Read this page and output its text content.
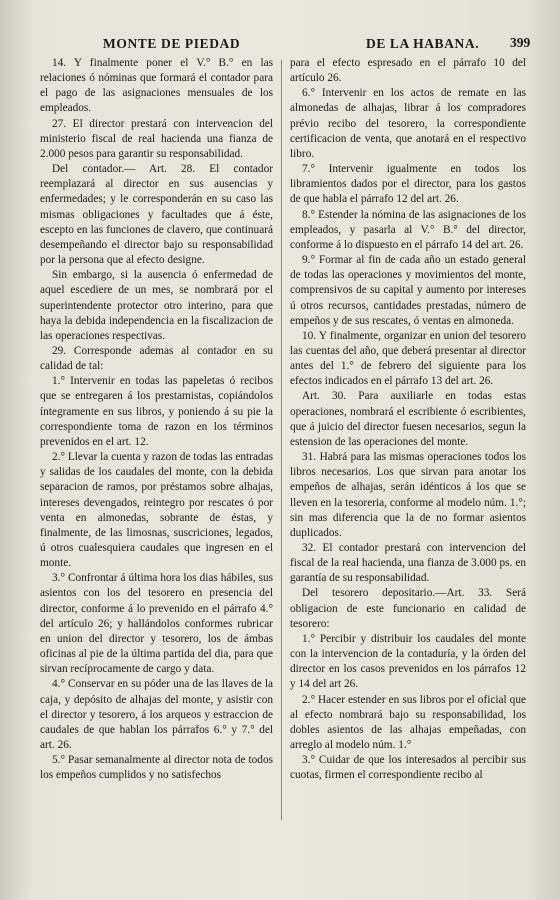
MONTE DE PIEDAD	DE LA HABANA. 399

14. Y finalmente poner el V.° B.° en las relaciones ó nóminas que formará el contador para el pago de las asignaciones mensuales de los empleados.

27. El director prestará con intervencion del ministerio fiscal de real hacienda una fianza de 2.000 pesos para garantir su responsabilidad.

Del contador.— Art. 28. El contador reemplazará al director en sus ausencias y enfermedades; y le corresponderán en su caso las mismas obligaciones y facultades que á éste, escepto en las funciones de clavero, que continuará desempeñando el director bajo su responsabilidad por la persona que al efecto designe.

Sin embargo, si la ausencia ó enfermedad de aquel escediere de un mes, se nombrará por el superintendente protector otro interino, para que haya la debida independencia en la fiscalizacion de las operaciones respectivas.

29. Corresponde ademas al contador en su calidad de tal:

1.° Intervenir en todas las papeletas ó recibos que se entregaren á los prestamistas, copiándolos íntegramente en sus libros, y poniendo á su pie la correspondiente toma de razon en los términos prevenidos en el art. 12.

2.° Llevar la cuenta y razon de todas las entradas y salidas de los caudales del monte, con la debida separacion de ramos, por préstamos sobre alhajas, intereses devengados, reintegro por rescates ó por venta en almonedas, sobrante de éstas, y finalmente, de las limosnas, suscriciones, legados, ú otros cualesquiera caudales que ingresen en el monte.

3.° Confrontar á última hora los dias hábiles, sus asientos con los del tesorero en presencia del director, conforme á lo prevenido en el párrafo 4.° del artículo 26; y hallándolos conformes rubricar en union del director y tesorero, los de ámbas oficinas al pie de la última partida del dia, para que sirvan recíprocamente de cargo y data.

4.° Conservar en su póder una de las llaves de la caja, y depósito de alhajas del monte, y asistir con el director y tesorero, á los arqueos y estraccion de caudales de que hablan los párrafos 6.° y 7.° del art. 26.

5.° Pasar semanalmente al director nota de todos los empeños cumplidos y no satisfechos

para el efecto espresado en el párrafo 10 del artículo 26.

6.° Intervenir en los actos de remate en las almonedas de alhajas, librar á los compradores prévio recibo del tesorero, la correspondiente certificacion de venta, que anotará en el respectivo libro.

7.° Intervenir igualmente en todos los libramientos dados por el director, para los gastos de que habla el párrafo 12 del art. 26.

8.° Estender la nómina de las asignaciones de los empleados, y pasarla al V.° B.° del director, conforme á lo dispuesto en el párrafo 14 del art. 26.

9.° Formar al fin de cada año un estado general de todas las operaciones y movimientos del monte, comprensivos de su capital y aumento por intereses ú otros recursos, cantidades prestadas, número de empeños y de sus rescates, ó ventas en almoneda.

10. Y finalmente, organizar en union del tesorero las cuentas del año, que deberá presentar al director antes del 1.° de febrero del siguiente para los efectos indicados en el párrafo 13 del art. 26.

Art. 30. Para auxiliarle en todas estas operaciones, nombrará el escribiente ó escribientes, que á juicio del director fuesen necesarios, segun la estension de las operaciones del monte.

31. Habrá para las mismas operaciones todos los libros necesarios. Los que sirvan para anotar los empeños de alhajas, serán idénticos á los que se lleven en la tesoreria, conforme al modelo núm. 1.°; sin mas diferencia que la de no formar asientos duplicados.

32. El contador prestará con intervencion del fiscal de la real hacienda, una fianza de 3.000 ps. en garantía de su responsabilidad.

Del tesorero depositario.—Art. 33. Será obligacion de este funcionario en calidad de tesorero:

1.° Percibir y distribuir los caudales del monte con la intervencion de la contaduría, y la órden del director en los casos prevenidos en los párrafos 12 y 14 del art 26.

2.° Hacer estender en sus libros por el oficial que al efecto nombrará bajo su responsabilidad, los dobles asientos de las alhajas empeñadas, con arreglo al modelo núm. 1.°

3.° Cuidar de que los interesados al percibir sus cuotas, firmen el correspondiente recibo al
